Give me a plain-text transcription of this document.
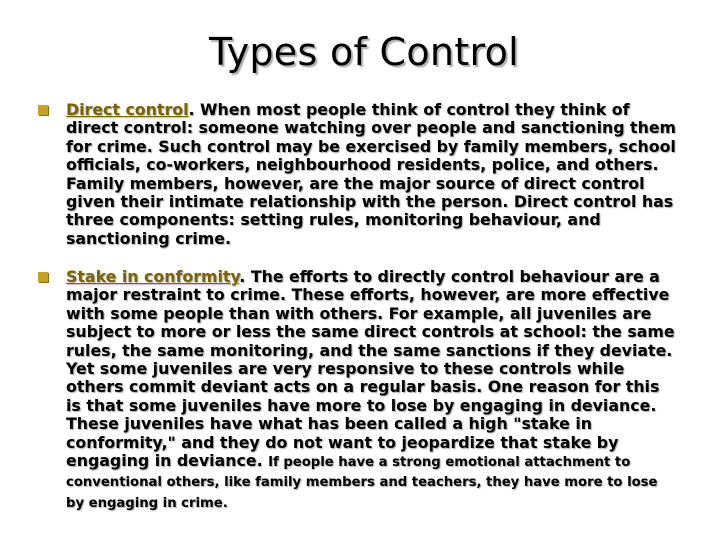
Types of Control
Direct control. When most people think of control they think of direct control: someone watching over people and sanctioning them for crime. Such control may be exercised by family members, school officials, co-workers, neighbourhood residents, police, and others. Family members, however, are the major source of direct control given their intimate relationship with the person. Direct control has three components: setting rules, monitoring behaviour, and sanctioning crime.
Stake in conformity. The efforts to directly control behaviour are a major restraint to crime. These efforts, however, are more effective with some people than with others. For example, all juveniles are subject to more or less the same direct controls at school: the same rules, the same monitoring, and the same sanctions if they deviate. Yet some juveniles are very responsive to these controls while others commit deviant acts on a regular basis. One reason for this is that some juveniles have more to lose by engaging in deviance. These juveniles have what has been called a high "stake in conformity," and they do not want to jeopardize that stake by engaging in deviance. If people have a strong emotional attachment to conventional others, like family members and teachers, they have more to lose by engaging in crime.
